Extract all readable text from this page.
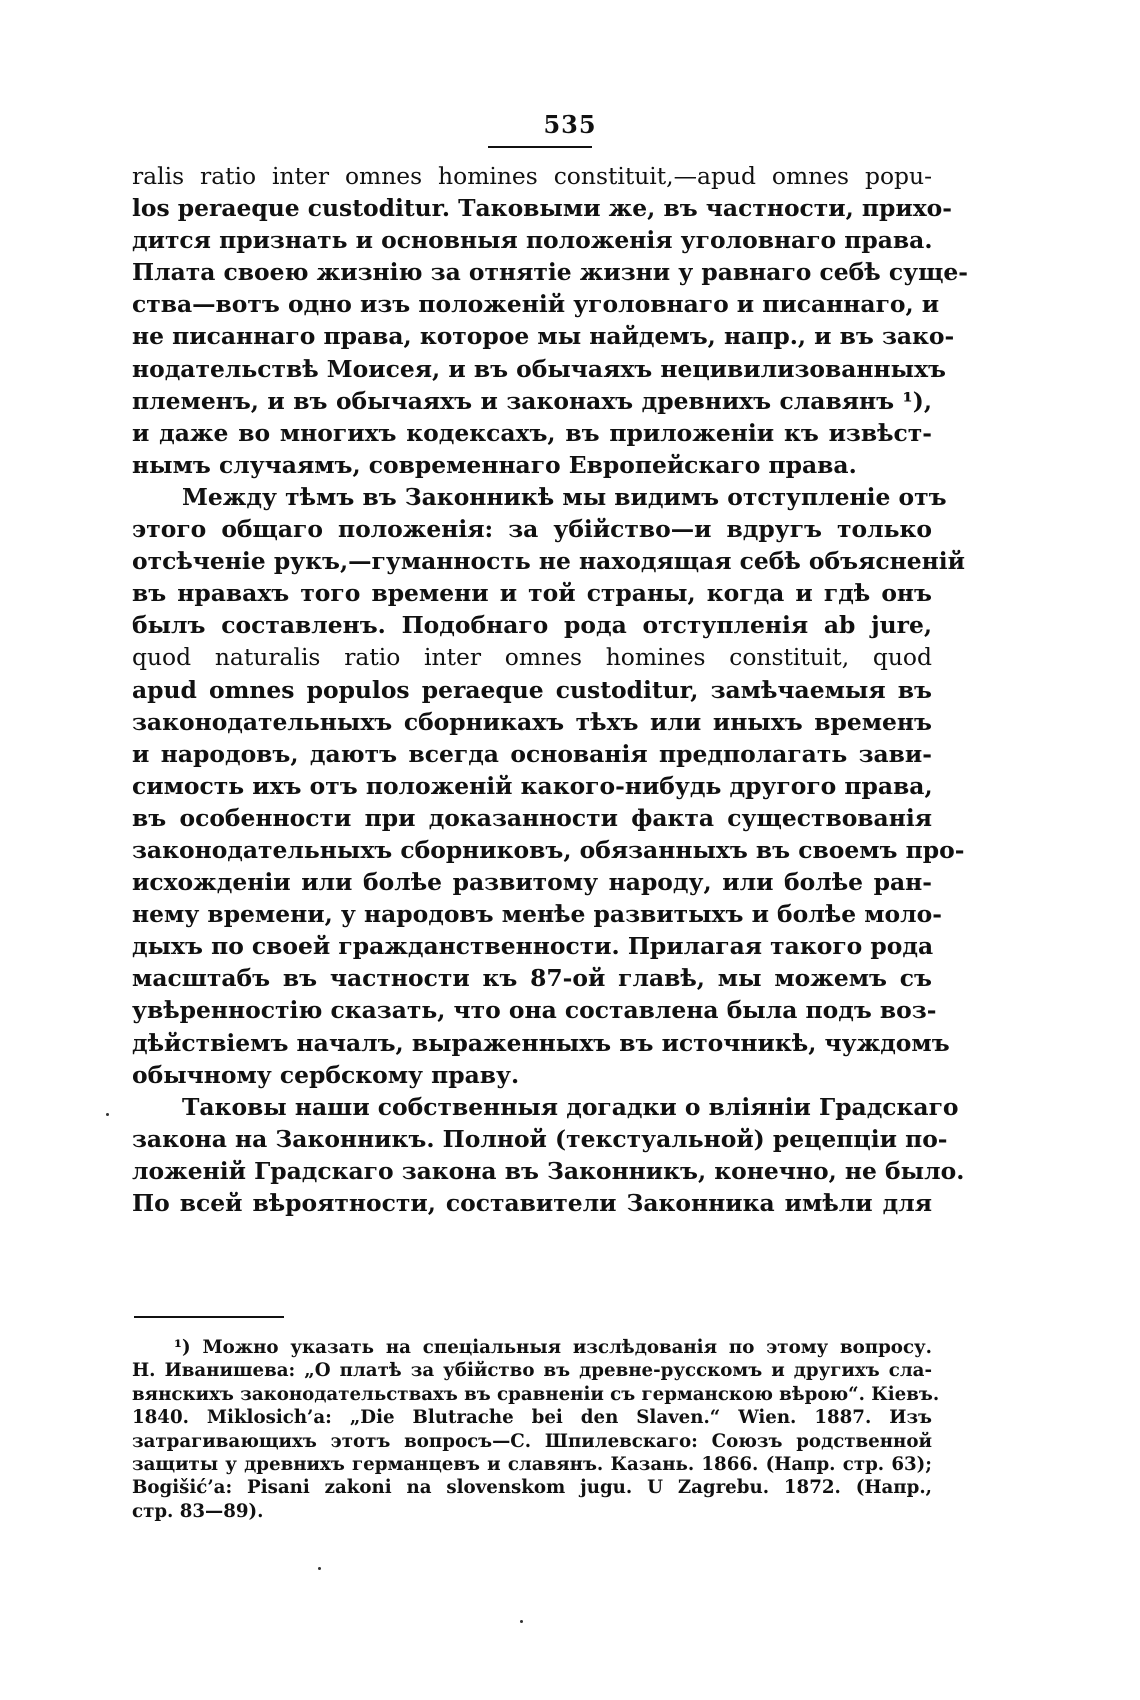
535
ralis ratio inter omnes homines constituit,—apud omnes popu-
los peraeque custoditur. Таковыми же, въ частности, прихо-
дится признать и основныя положенія уголовнаго права.
Плата своею жизнію за отнятіе жизни у равнаго себѣ суще-
ства—вотъ одно изъ положеній уголовнаго и писаннаго, и
не писаннаго права, которое мы найдемъ, напр., и въ зако-
нодательствѣ Моисея, и въ обычаяхъ нецивилизованныхъ
племенъ, и въ обычаяхъ и законахъ древнихъ славянъ ¹),
и даже во многихъ кодексахъ, въ приложеніи къ извѣст-
нымъ случаямъ, современнаго Европейскаго права.
Между тѣмъ въ Законникѣ мы видимъ отступленіе отъ
этого общаго положенія: за убійство—и вдругъ только
отсѣченіе рукъ,—гуманность не находящая себѣ объясненій
въ нравахъ того времени и той страны, когда и гдѣ онъ
былъ составленъ. Подобнаго рода отступленія ab jure,
quod naturalis ratio inter omnes homines constituit, quod
apud omnes populos peraeque custoditur, замѣчаемыя въ
законодательныхъ сборникахъ тѣхъ или иныхъ временъ
и народовъ, даютъ всегда основанія предполагать зави-
симость ихъ отъ положеній какого-нибудь другого права,
въ особенности при доказанности факта существованія
законодательныхъ сборниковъ, обязанныхъ въ своемъ про-
исхожденіи или болѣе развитому народу, или болѣе ран-
нему времени, у народовъ менѣе развитыхъ и болѣе моло-
дыхъ по своей гражданственности. Прилагая такого рода
масштабъ въ частности къ 87-ой главѣ, мы можемъ съ
увѣренностію сказать, что она составлена была подъ воз-
дѣйствіемъ началъ, выраженныхъ въ источникѣ, чуждомъ
обычному сербскому праву.
Таковы наши собственныя догадки о вліяніи Градскаго
закона на Законникъ. Полной (текстуальной) рецепціи по-
ложеній Градскаго закона въ Законникъ, конечно, не было.
По всей вѣроятности, составители Законника имѣли для
¹) Можно указать на спеціальныя изслѣдованія по этому вопросу.
Н. Иванишева: „О платѣ за убійство въ древне-русскомъ и другихъ сла-
вянскихъ законодательствахъ въ сравненіи съ германскою вѣрою“. Кіевъ.
1840. Miklosich’a: „Die Blutrache bei den Slaven.“ Wien. 1887. Изъ
затрагивающихъ этотъ вопросъ—С. Шпилевскаго: Союзъ родственной
защиты у древнихъ германцевъ и славянъ. Казань. 1866. (Напр. стр. 63);
Bogišić’a: Pisani zakoni na slovenskom jugu. U Zagrebu. 1872. (Напр.,
стр. 83—89).
